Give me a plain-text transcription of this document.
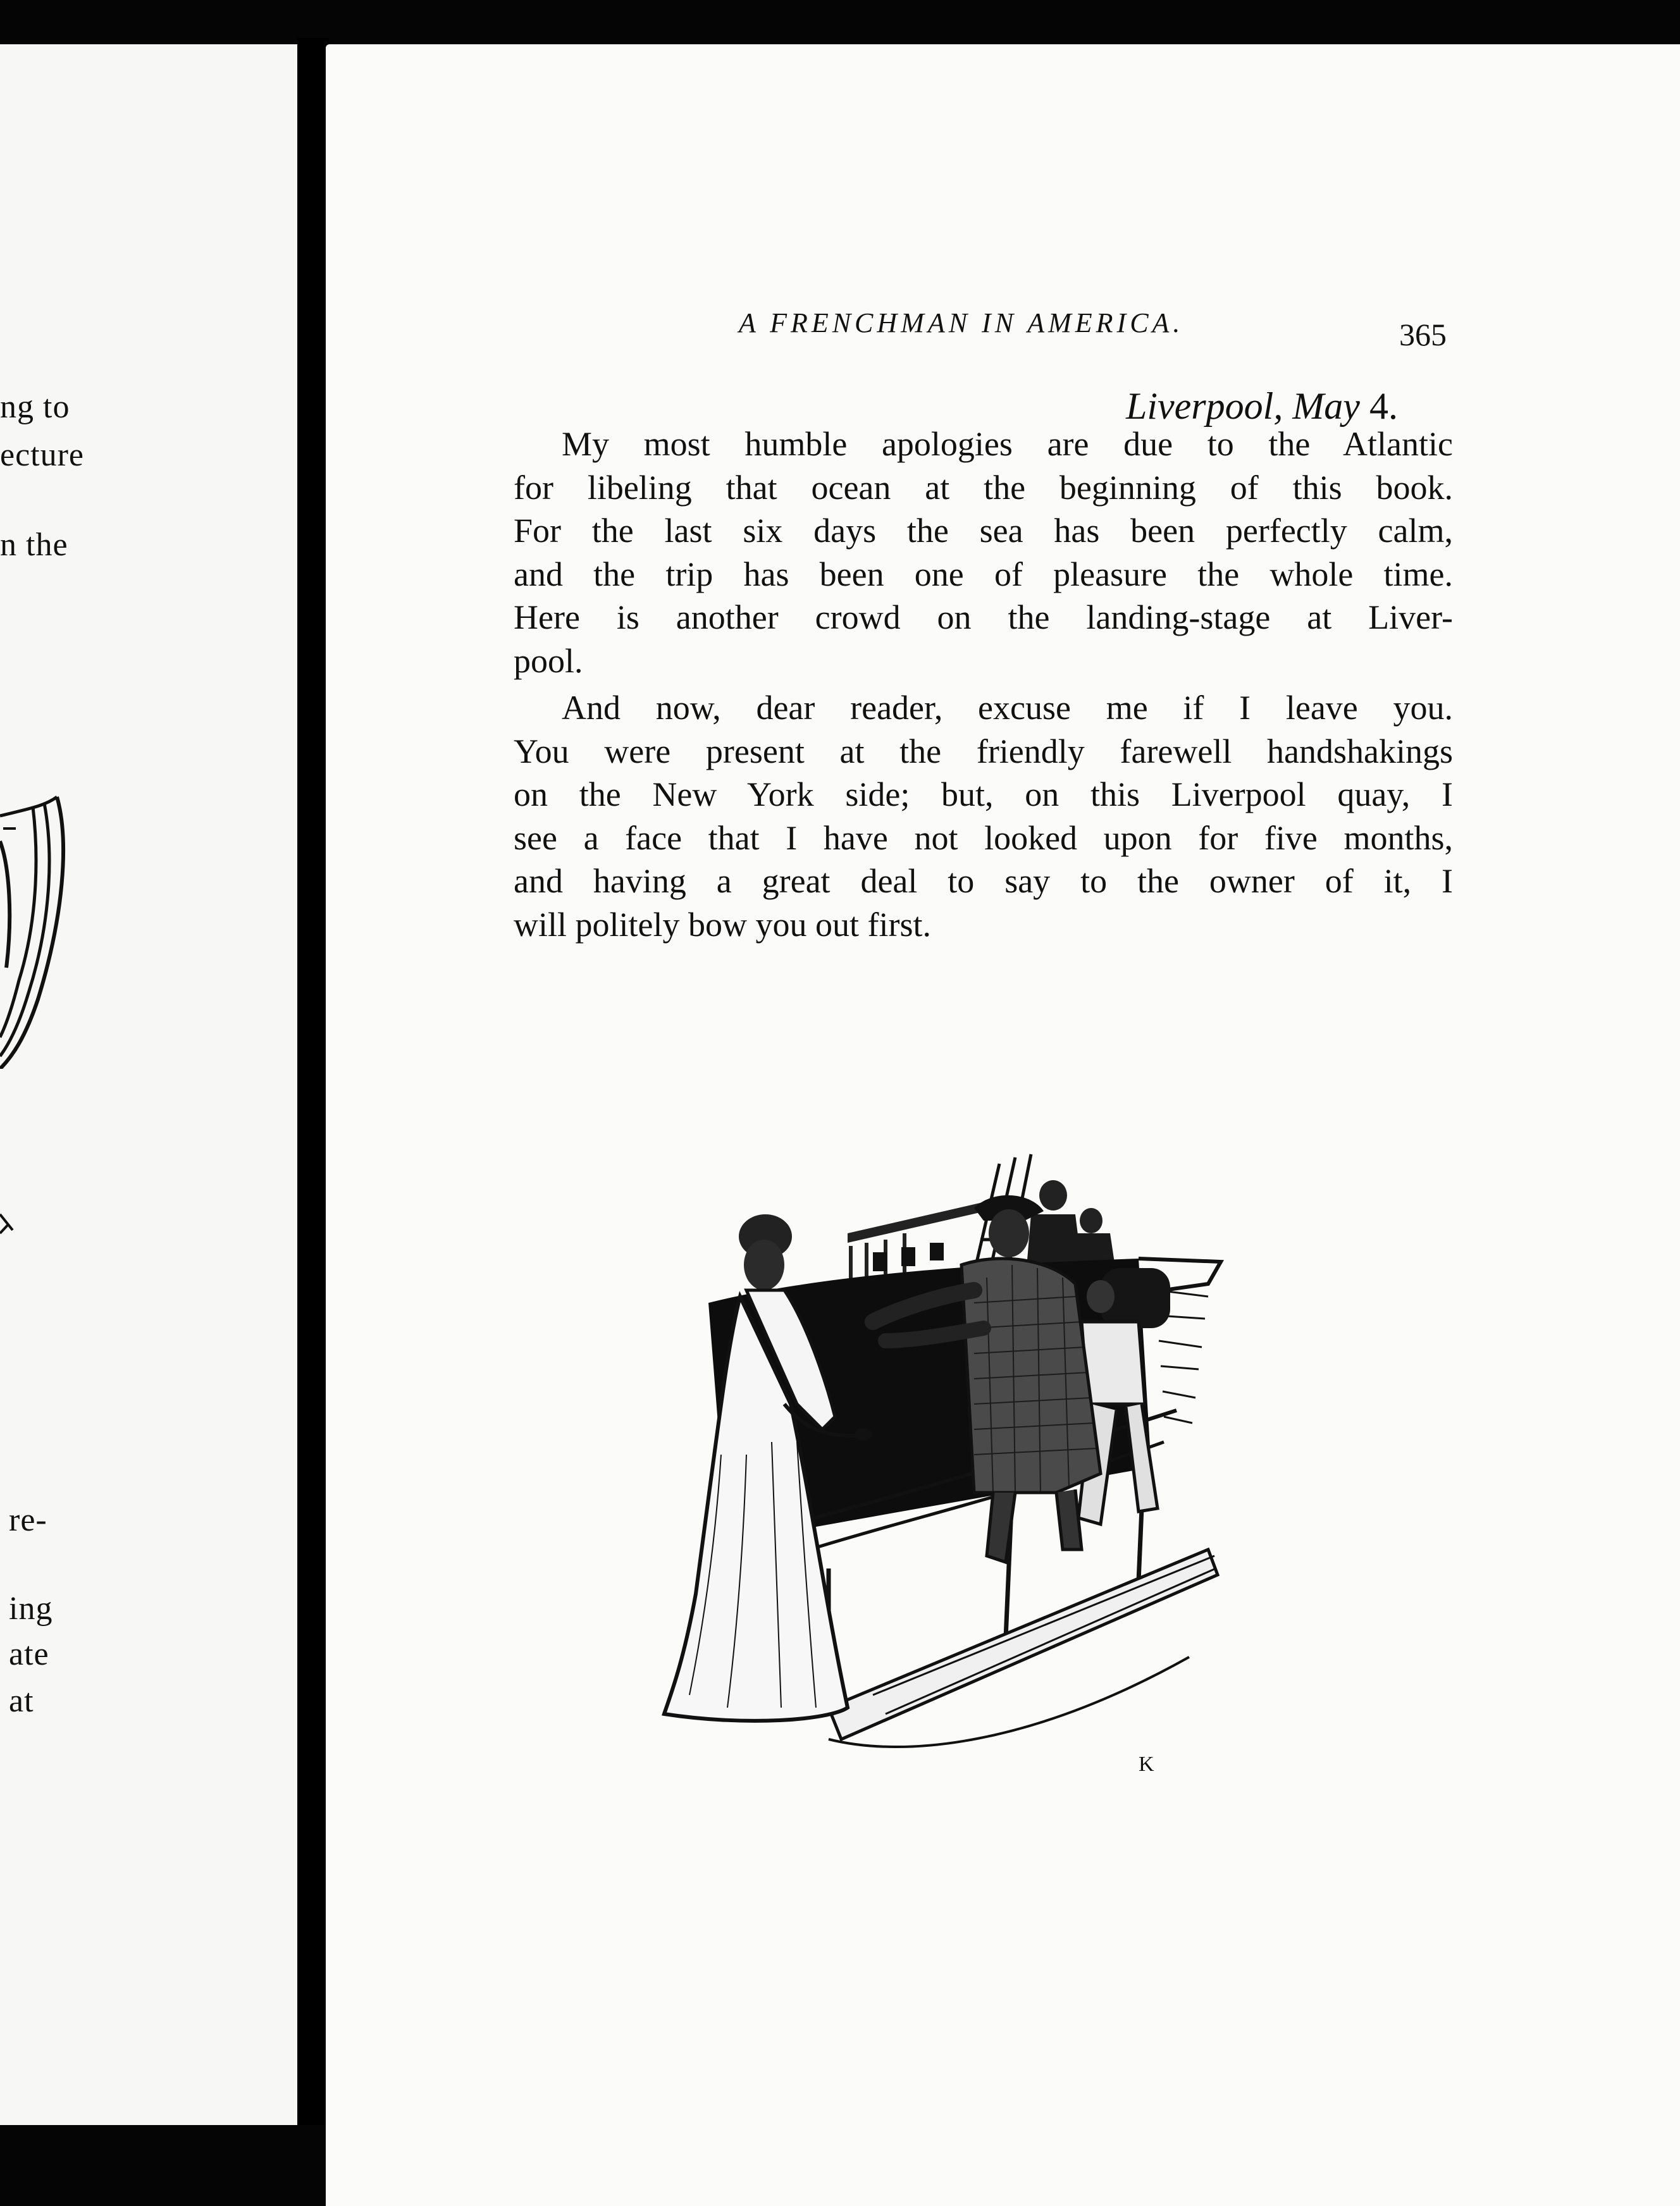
ng to
ecture
n the
re-
ing
ate
at
A FRENCHMAN IN AMERICA.	365
Liverpool, May 4.
My most humble apologies are due to the Atlantic
for libeling that ocean at the beginning of this book.
For the last six days the sea has been perfectly calm,
and the trip has been one of pleasure the whole time.
Here is another crowd on the landing-stage at Liver-
pool.
And now, dear reader, excuse me if I leave you.
You were present at the friendly farewell handshakings
on the New York side; but, on this Liverpool quay, I
see a face that I have not looked upon for five months,
and having a great deal to say to the owner of it, I
will politely bow you out first.
K
